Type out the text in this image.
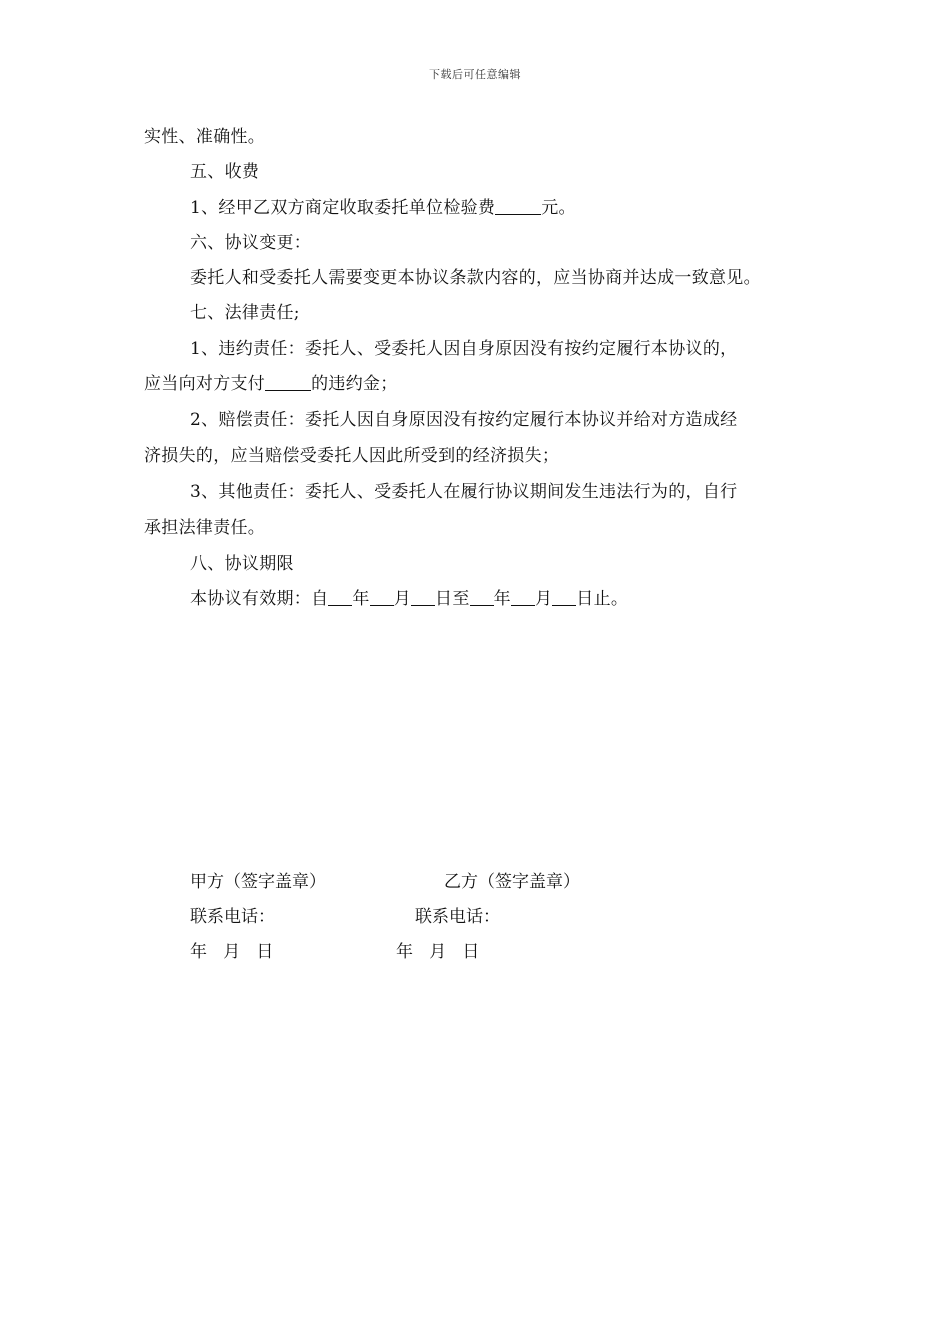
下载后可任意编辑
实性、准确性。
五、收费
1、经甲乙双方商定收取委托单位检验费	元。
六、协议变更：
委托人和受委托人需要变更本协议条款内容的，应当协商并达成一致意见。
七、法律责任;
1、违约责任：委托人、受委托人因自身原因没有按约定履行本协议的，
应当向对方支付	的违约金；
2、赔偿责任：委托人因自身原因没有按约定履行本协议并给对方造成经
济损失的，应当赔偿受委托人因此所受到的经济损失；
3、其他责任：委托人、受委托人在履行协议期间发生违法行为的，自行
承担法律责任。
八、协议期限
本协议有效期：自 年 月 日至 年 月 日止。
甲方（签字盖章）	乙方（签字盖章）
联系电话：	联系电话：
年   月   日	年   月   日
